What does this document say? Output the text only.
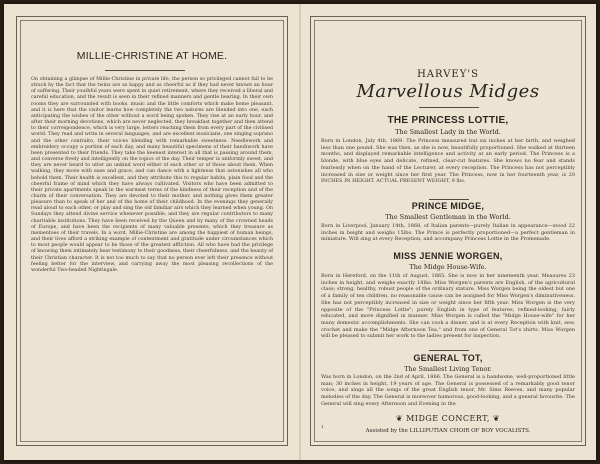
MILLIE-CHRISTINE AT HOME.

On obtaining a glimpse of Millie-Christine in private life, the person so privileged cannot fail to be struck by the fact that the twins are as happy and as cheerful as if they had never known an hour of suffering. Their youthful years were spent in quiet retirement, where they received a liberal and careful education, and the result is seen in their refined manners and gentle bearing. In their own rooms they are surrounded with books, music and the little comforts which make home pleasant, and it is here that the visitor learns how completely the two natures are blended into one, each anticipating the wishes of the other without a word being spoken. They rise at an early hour, and after their morning devotions, which are never neglected, they breakfast together and then attend to their correspondence, which is very large, letters reaching them from every part of the civilised world. They read and write in several languages, and are excellent musicians, one singing soprano and the other contralto, their voices blending with remarkable sweetness. Needlework and embroidery occupy a portion of each day, and many beautiful specimens of their handiwork have been presented to their friends. They take the keenest interest in all that is passing around them, and converse freely and intelligently on the topics of the day. Their temper is uniformly sweet, and they are never heard to utter an unkind word either of each other or of those about them. When walking, they move with ease and grace, and can dance with a lightness that astonishes all who behold them. Their health is excellent, and they attribute this to regular habits, plain food and the cheerful frame of mind which they have always cultivated. Visitors who have been admitted to their private apartments speak in the warmest terms of the kindness of their reception and of the charm of their conversation. They are devoted to their mother, and nothing gives them greater pleasure than to speak of her and of the home of their childhood. In the evenings they generally read aloud to each other, or play and sing the old familiar airs which they learned when young. On Sundays they attend divine service whenever possible, and they are regular contributors to many charitable institutions. They have been received by the Queen and by many of the crowned heads of Europe, and have been the recipients of many valuable presents, which they treasure as mementoes of their travels. In a word, Millie-Christine are among the happiest of human beings, and their lives afford a striking example of contentment and gratitude under circumstances which to most people would appear to be those of the greatest affliction. All who have had the privilege of knowing them intimately bear testimony to their goodness, their cheerfulness, and the beauty of their Christian character. It is not too much to say that no person ever left their presence without feeling better for the interview, and carrying away the most pleasing recollections of the wonderful Two-headed Nightingale.

HARVEY'S
Marvellous Midges
THE PRINCESS LOTTIE,
The Smallest Lady in the World.

Born in London, July 4th, 1869. The Princess measured but six inches at her birth, and weighed less than one pound. She was then, as she is now, beautifully proportioned. She walked at thirteen months, and displayed remarkable intelligence and activity at an early period. The Princess is a blonde, with blue eyes and delicate, refined, clear-cut features. She knows no fear and stands fearlessly when on the hand of the Lecturer, at every reception. The Princess has not perceptibly increased in size or weight since her first year. The Princess, now in her fourteenth year, is 20 INCHES IN HEIGHT. ACTUAL PRESENT WEIGHT, 9 lbs.

PRINCE MIDGE,
The Smallest Gentleman in the World.

Born in Liverpool, January 14th, 1868, of Italian parents—purely Italian in appearance—stood 22 inches in height and weighs 15lbs. The Prince is perfectly proportioned—a perfect gentleman in miniature. Will sing at every Reception, and accompany Princess Lottie in the Promenade.

MISS JENNIE WORGEN,
The Midge House-Wife.

Born in Hereford, on the 11th of August, 1865. She is now in her nineteenth year. Measures 23 inches in height, and weighs exactly 18lbs. Miss Worgen's parents are English, of the agricultural class; strong, healthy, robust people of the ordinary stature. Miss Worgen being the oldest but one of a family of ten children, no reasonable cause can be assigned for Miss Worgen's diminutiveness. She has not perceptibly increased in size or weight since her fifth year. Miss Worgen is the very opposite of the "Princess Lottie"; purely English in type of features, refined-looking, fairly educated, and more dignified in manner. Miss Worgen is called the "Midge House-wife" for her many domestic accomplishments. She can cook a dinner, and is at every Reception with knit, sew, crochet and make the "Midge Afternoon Tea," and from one of General Tot's shirts. Miss Worgen will be pleased to submit her work to the ladies present for inspection.

GENERAL TOT,
The Smallest Living Tenor.

Was born in London, on the 2nd of April, 1866. The General is a handsome, well-proportioned little man; 30 inches in height, 19 years of age. The General is possessed of a remarkably good tenor voice, and sings all the songs of the great English tenor, Mr. Sims Reeves, and many popular melodies of the day. The General is moreover humorous, good-looking, and a general favourite. The General will sing every Afternoon and Evening in the

❦ MIDGE CONCERT, ❦
Assisted by the LILLIPUTIAN CHOIR OF BOY VOCALISTS.
1
